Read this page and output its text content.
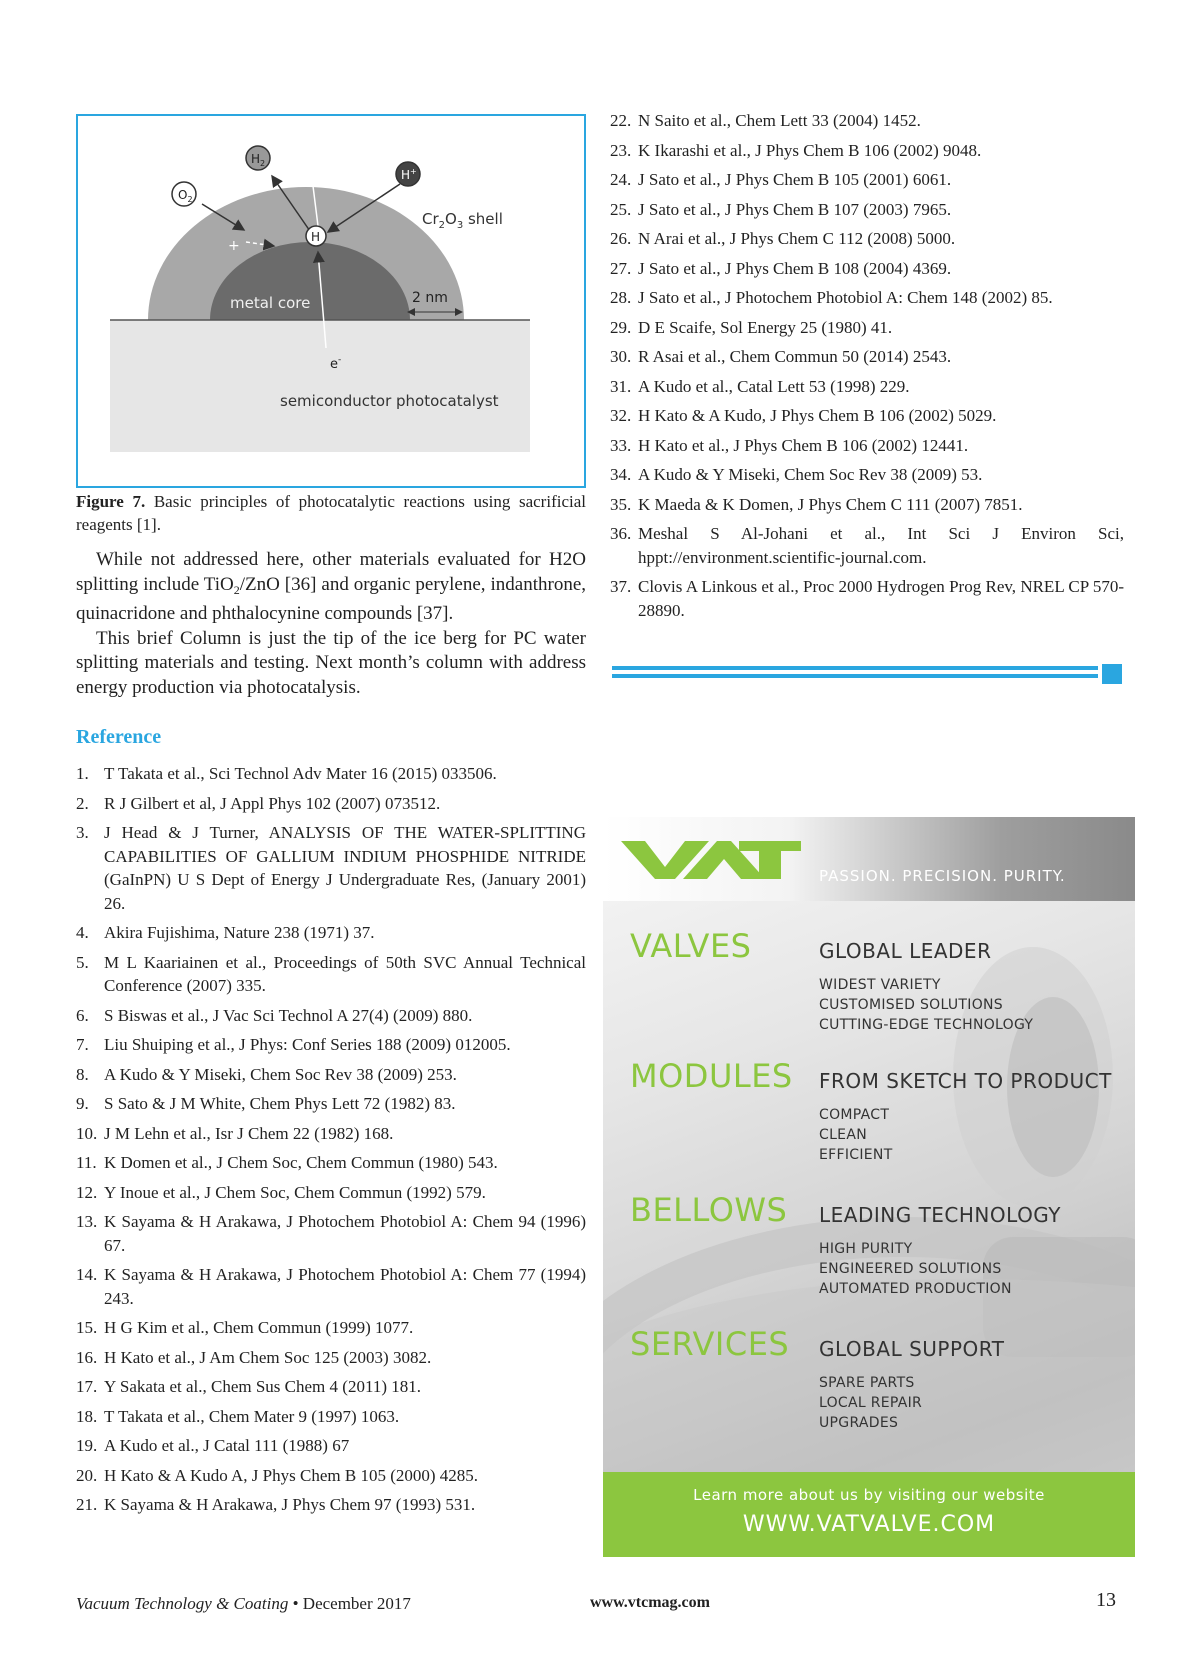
$O_2$
$H_2$
H+
H
+
$Cr_2O_3$ shell
metal core	2 nm
e-
semiconductor photocatalyst
Figure 7. Basic principles of photocatalytic reactions using sacrificial reagents [1].

While not addressed here, other materials evaluated for H2O splitting include TiO$_2$/ZnO [36] and organic perylene, indanthrone, quinacridone and phthalocynine compounds [37].

This brief Column is just the tip of the ice berg for PC water splitting materials and testing. Next month’s column with address energy production via photocatalysis.

Reference
1. T Takata et al., Sci Technol Adv Mater 16 (2015) 033506.
2. R J Gilbert et al, J Appl Phys 102 (2007) 073512.
3. J Head & J Turner, ANALYSIS OF THE WATER-SPLITTING CAPABILITIES OF GALLIUM INDIUM PHOSPHIDE NITRIDE (GaInPN) U S Dept of Energy J Undergraduate Res, (January 2001) 26.
4. Akira Fujishima, Nature 238 (1971) 37.
5. M L Kaariainen et al., Proceedings of 50th SVC Annual Technical Conference (2007) 335.
6. S Biswas et al., J Vac Sci Technol A 27(4) (2009) 880.
7. Liu Shuiping et al., J Phys: Conf Series 188 (2009) 012005.
8. A Kudo & Y Miseki, Chem Soc Rev 38 (2009) 253.
9. S Sato & J M White, Chem Phys Lett 72 (1982) 83.
10. J M Lehn et al., Isr J Chem 22 (1982) 168.
11. K Domen et al., J Chem Soc, Chem Commun (1980) 543.
12. Y Inoue et al., J Chem Soc, Chem Commun (1992) 579.
13. K Sayama & H Arakawa, J Photochem Photobiol A: Chem 94 (1996) 67.
14. K Sayama & H Arakawa, J Photochem Photobiol A: Chem 77 (1994) 243.
15. H G Kim et al., Chem Commun (1999) 1077.
16. H Kato et al., J Am Chem Soc 125 (2003) 3082.
17. Y Sakata et al., Chem Sus Chem 4 (2011) 181.
18. T Takata et al., Chem Mater 9 (1997) 1063.
19. A Kudo et al., J Catal 111 (1988) 67
20. H Kato & A Kudo A, J Phys Chem B 105 (2000) 4285.
21. K Sayama & H Arakawa, J Phys Chem 97 (1993) 531.
22. N Saito et al., Chem Lett 33 (2004) 1452.
23. K Ikarashi et al., J Phys Chem B 106 (2002) 9048.
24. J Sato et al., J Phys Chem B 105 (2001) 6061.
25. J Sato et al., J Phys Chem B 107 (2003) 7965.
26. N Arai et al., J Phys Chem C 112 (2008) 5000.
27. J Sato et al., J Phys Chem B 108 (2004) 4369.
28. J Sato et al., J Photochem Photobiol A: Chem 148 (2002) 85.
29. D E Scaife, Sol Energy 25 (1980) 41.
30. R Asai et al., Chem Commun 50 (2014) 2543.
31. A Kudo et al., Catal Lett 53 (1998) 229.
32. H Kato & A Kudo, J Phys Chem B 106 (2002) 5029.
33. H Kato et al., J Phys Chem B 106 (2002) 12441.
34. A Kudo & Y Miseki, Chem Soc Rev 38 (2009) 53.
35. K Maeda & K Domen, J Phys Chem C 111 (2007) 7851.
36. Meshal S Al-Johani et al., Int Sci J Environ Sci, hppt://environment.scientific-journal.com.
37. Clovis A Linkous et al., Proc 2000 Hydrogen Prog Rev, NREL CP 570-28890.
PASSION. PRECISION. PURITY.
VALVES	GLOBAL LEADER
WIDEST VARIETY
CUSTOMISED SOLUTIONS
CUTTING-EDGE TECHNOLOGY
MODULES FROM SKETCH TO PRODUCT
COMPACT
CLEAN
EFFICIENT
BELLOWS LEADING TECHNOLOGY
HIGH PURITY
ENGINEERED SOLUTIONS
AUTOMATED PRODUCTION
SERVICES GLOBAL SUPPORT
SPARE PARTS
LOCAL REPAIR
UPGRADES
Learn more about us by visiting our website
WWW.VATVALVE.COM
Vacuum Technology & Coating • December 2017	www.vtcmag.com	13
